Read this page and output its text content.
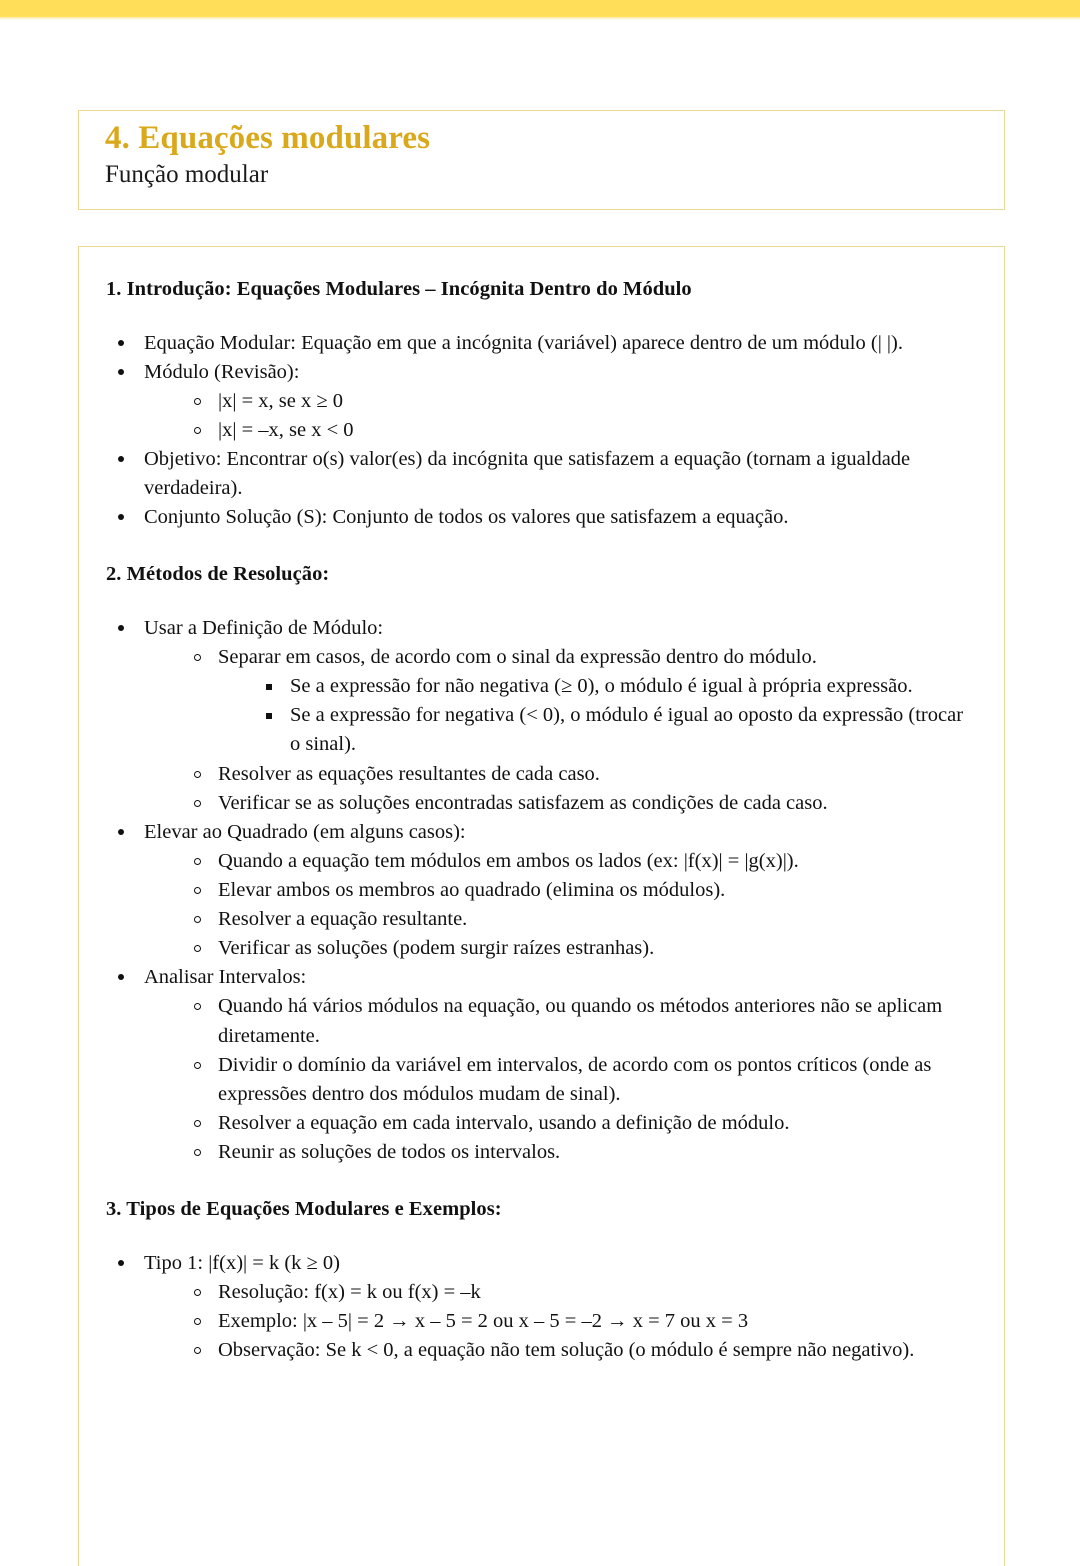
4. Equações modulares
Função modular
1. Introdução: Equações Modulares – Incógnita Dentro do Módulo
Equação Modular: Equação em que a incógnita (variável) aparece dentro de um módulo (| |).
Módulo (Revisão):
|x| = x, se x ≥ 0
|x| = –x, se x < 0
Objetivo: Encontrar o(s) valor(es) da incógnita que satisfazem a equação (tornam a igualdade verdadeira).
Conjunto Solução (S): Conjunto de todos os valores que satisfazem a equação.
2. Métodos de Resolução:
Usar a Definição de Módulo:
Separar em casos, de acordo com o sinal da expressão dentro do módulo.
Se a expressão for não negativa (≥ 0), o módulo é igual à própria expressão.
Se a expressão for negativa (< 0), o módulo é igual ao oposto da expressão (trocar o sinal).
Resolver as equações resultantes de cada caso.
Verificar se as soluções encontradas satisfazem as condições de cada caso.
Elevar ao Quadrado (em alguns casos):
Quando a equação tem módulos em ambos os lados (ex: |f(x)| = |g(x)|).
Elevar ambos os membros ao quadrado (elimina os módulos).
Resolver a equação resultante.
Verificar as soluções (podem surgir raízes estranhas).
Analisar Intervalos:
Quando há vários módulos na equação, ou quando os métodos anteriores não se aplicam diretamente.
Dividir o domínio da variável em intervalos, de acordo com os pontos críticos (onde as expressões dentro dos módulos mudam de sinal).
Resolver a equação em cada intervalo, usando a definição de módulo.
Reunir as soluções de todos os intervalos.
3. Tipos de Equações Modulares e Exemplos:
Tipo 1: |f(x)| = k (k ≥ 0)
Resolução: f(x) = k ou f(x) = –k
Exemplo: |x – 5| = 2 → x – 5 = 2 ou x – 5 = –2 → x = 7 ou x = 3
Observação: Se k < 0, a equação não tem solução (o módulo é sempre não negativo).
